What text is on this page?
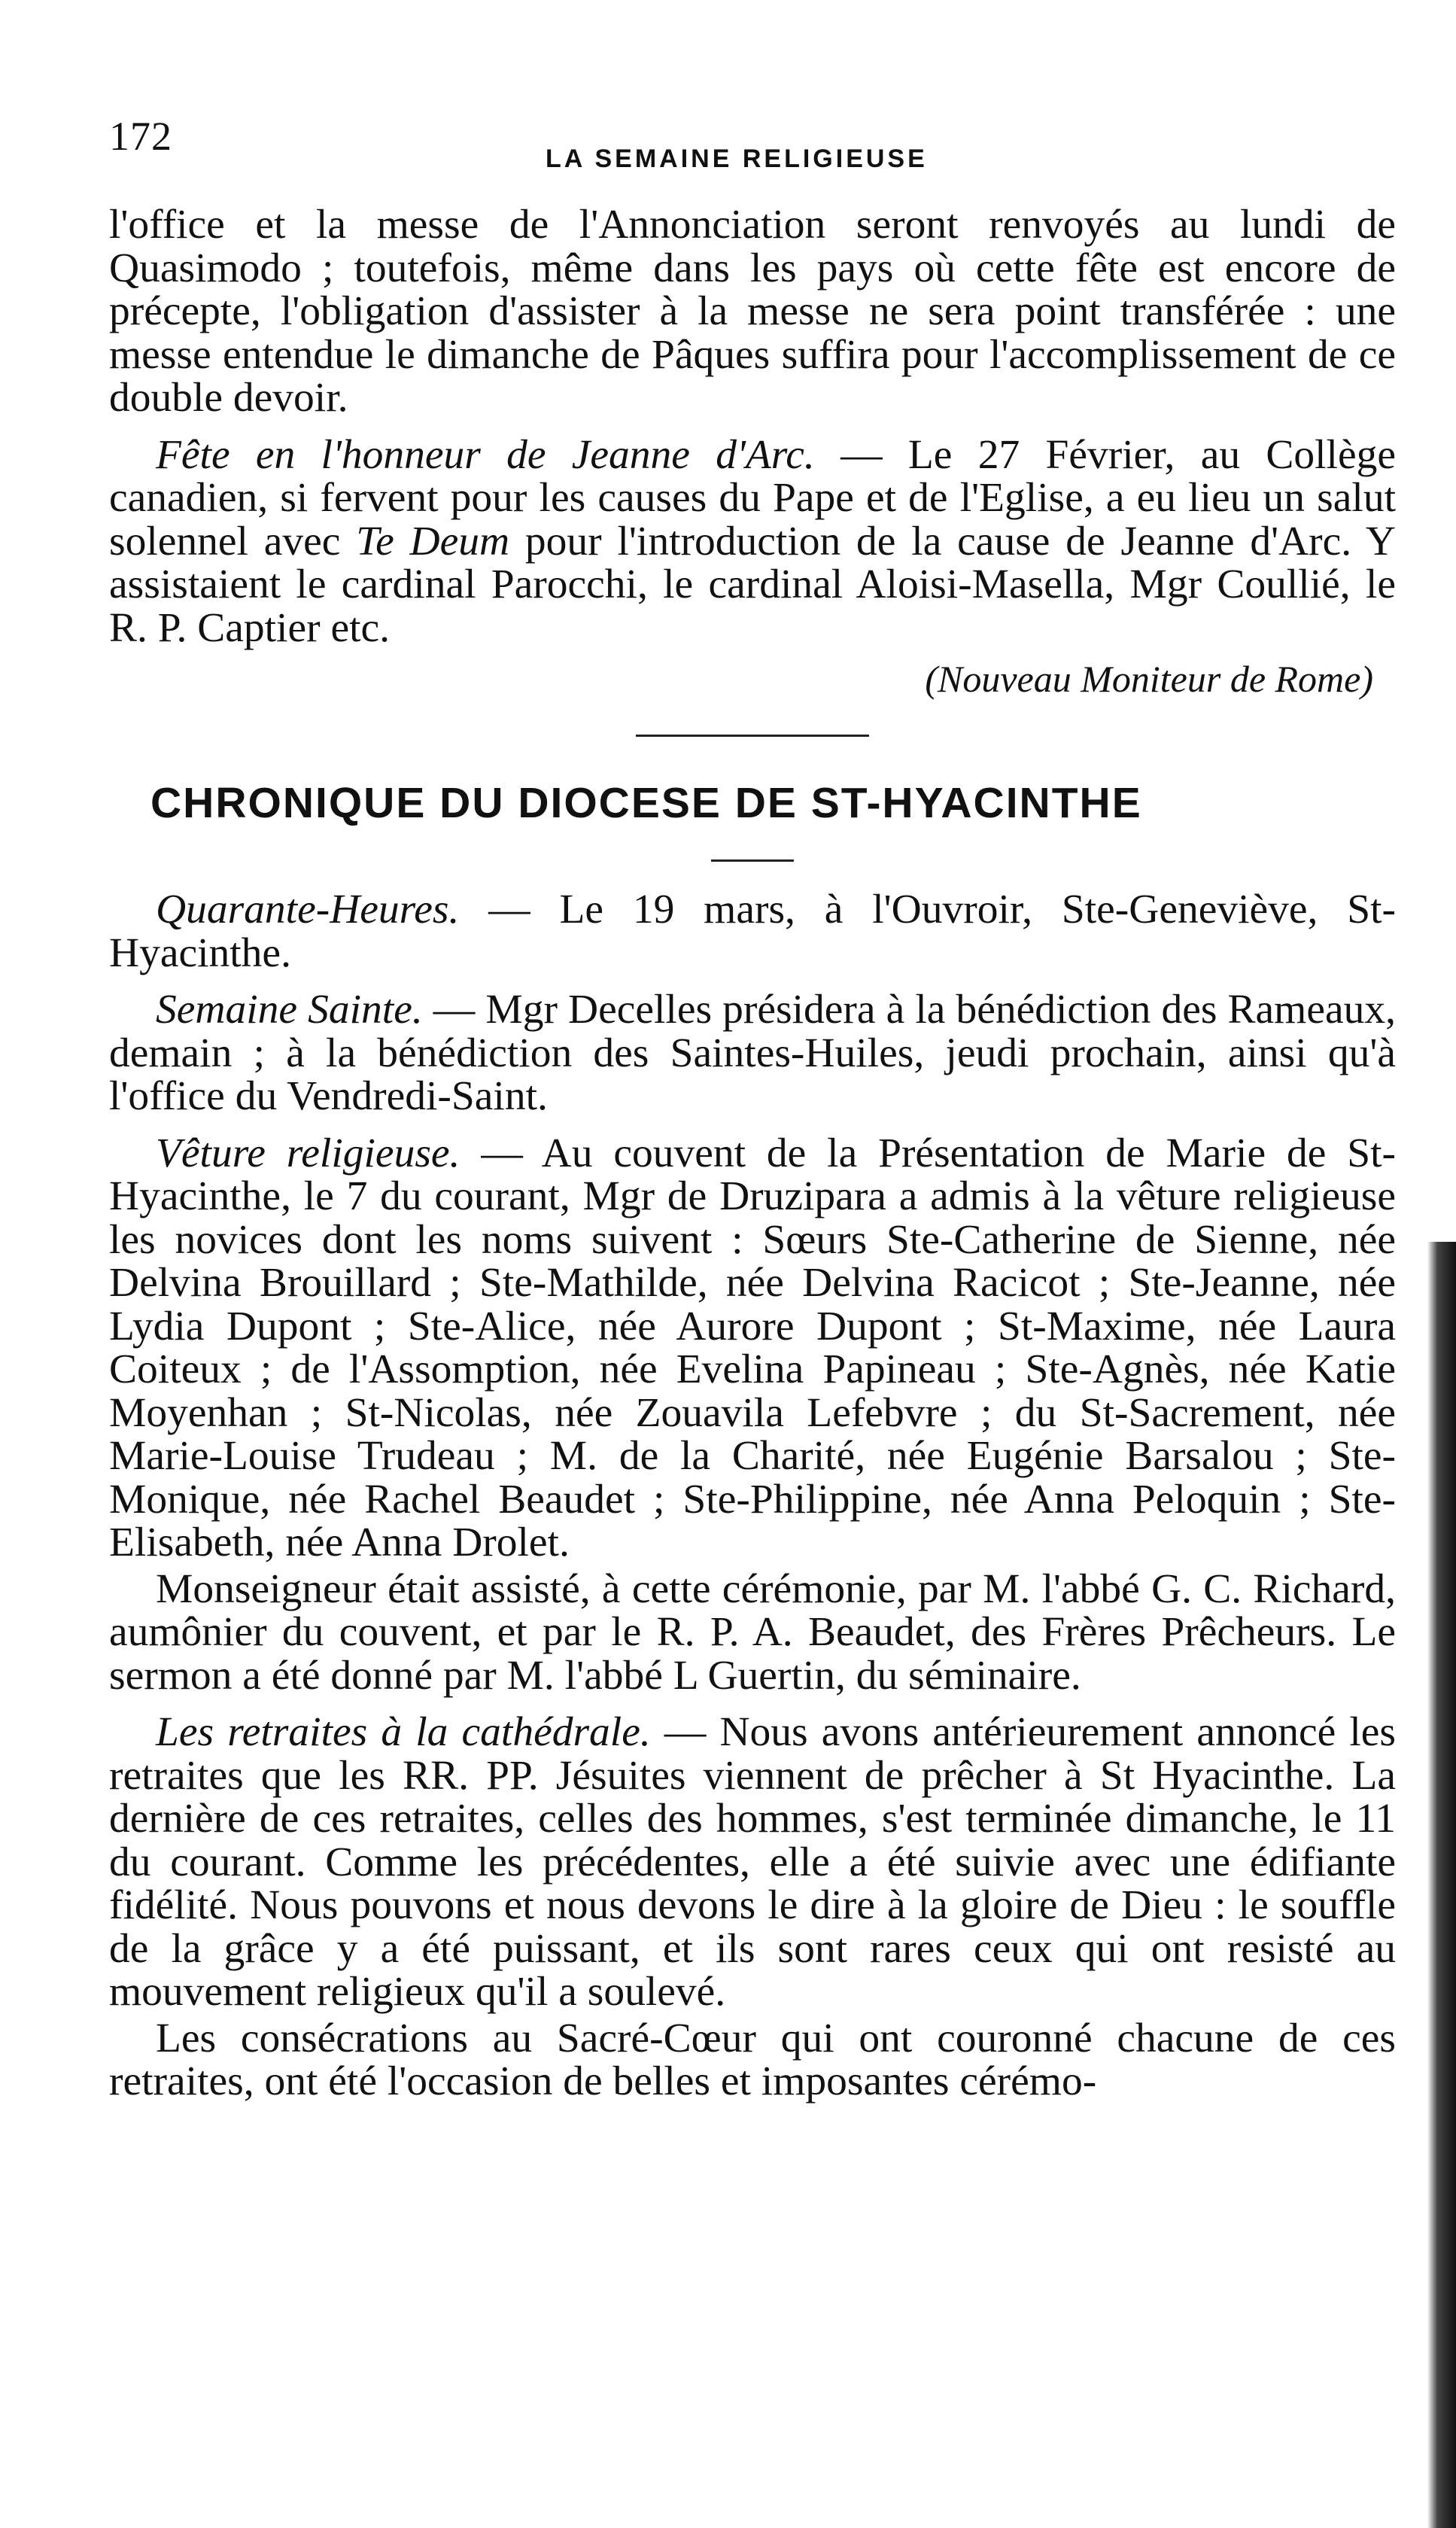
172	LA SEMAINE RELIGIEUSE

l'office et la messe de l'Annonciation seront renvoyés au lundi de Quasimodo ; toutefois, même dans les pays où cette fête est encore de précepte, l'obligation d'assister à la messe ne sera point transférée : une messe entendue le dimanche de Pâques suffira pour l'accomplissement de ce double devoir.

Fête en l'honneur de Jeanne d'Arc. — Le 27 Février, au Collège canadien, si fervent pour les causes du Pape et de l'Eglise, a eu lieu un salut solennel avec Te Deum pour l'introduction de la cause de Jeanne d'Arc. Y assistaient le cardinal Parocchi, le cardinal Aloisi-Masella, Mgr Coullié, le R. P. Captier etc.

(Nouveau Moniteur de Rome)

CHRONIQUE DU DIOCESE DE ST-HYACINTHE

Quarante-Heures. — Le 19 mars, à l'Ouvroir, Ste-Geneviève, St-Hyacinthe.

Semaine Sainte. — Mgr Decelles présidera à la bénédiction des Rameaux, demain ; à la bénédiction des Saintes-Huiles, jeudi prochain, ainsi qu'à l'office du Vendredi-Saint.

Vêture religieuse. — Au couvent de la Présentation de Marie de St-Hyacinthe, le 7 du courant, Mgr de Druzipara a admis à la vêture religieuse les novices dont les noms suivent : Sœurs Ste-Catherine de Sienne, née Delvina Brouillard ; Ste-Mathilde, née Delvina Racicot ; Ste-Jeanne, née Lydia Dupont ; Ste-Alice, née Aurore Dupont ; St-Maxime, née Laura Coiteux ; de l'Assomption, née Evelina Papineau ; Ste-Agnès, née Katie Moyenhan ; St-Nicolas, née Zouavila Lefebvre ; du St-Sacrement, née Marie-Louise Trudeau ; M. de la Charité, née Eugénie Barsalou ; Ste-Monique, née Rachel Beaudet ; Ste-Philippine, née Anna Peloquin ; Ste-Elisabeth, née Anna Drolet.

Monseigneur était assisté, à cette cérémonie, par M. l'abbé G. C. Richard, aumônier du couvent, et par le R. P. A. Beaudet, des Frères Prêcheurs. Le sermon a été donné par M. l'abbé L Guertin, du séminaire.

Les retraites à la cathédrale. — Nous avons antérieurement annoncé les retraites que les RR. PP. Jésuites viennent de prêcher à St Hyacinthe. La dernière de ces retraites, celles des hommes, s'est terminée dimanche, le 11 du courant. Comme les précédentes, elle a été suivie avec une édifiante fidélité. Nous pouvons et nous devons le dire à la gloire de Dieu : le souffle de la grâce y a été puissant, et ils sont rares ceux qui ont resisté au mouvement religieux qu'il a soulevé.

Les consécrations au Sacré-Cœur qui ont couronné chacune de ces retraites, ont été l'occasion de belles et imposantes cérémo-
